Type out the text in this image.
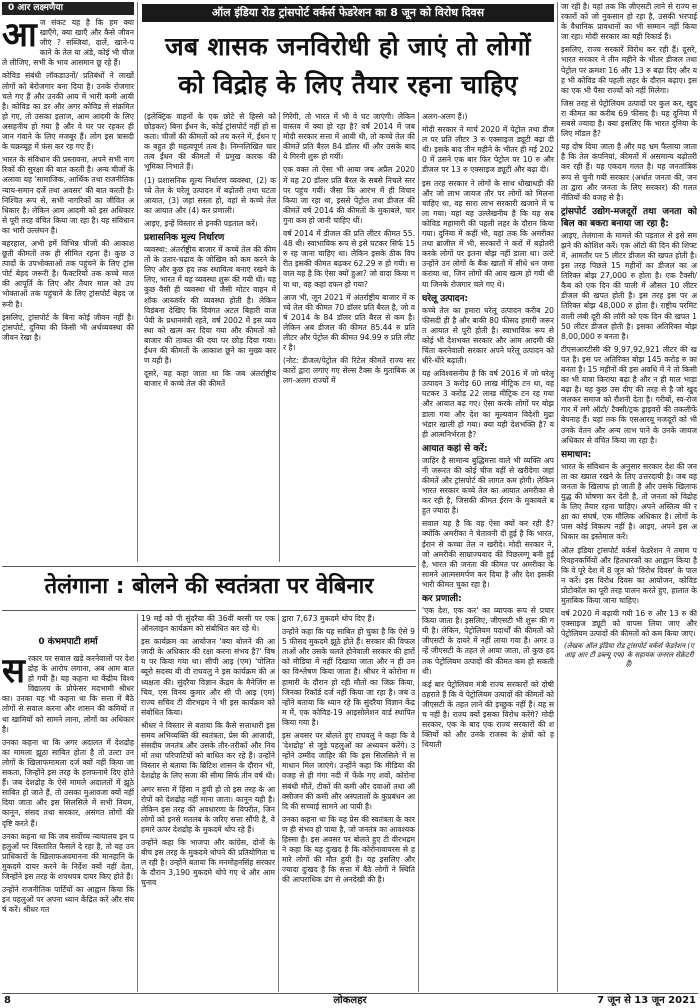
0 आर लक्ष्मणैया
आ ज संकट यह है कि हम क्या खाएँगे, क्या खाएँ और कैसे जीवन जीएं ? सब्जियां, दालें, खाने-पकाने के तेल या अंडे, कोई भी चीज ले लीजिए, सभी के भाव आसमान छू रहे हैं।

कोविड संबंधी लॉकडाउनों/ प्रतिबंधों ने लाखों लोगों को बेरोजगार बना दिया है। उनके रोजगार चले गए हैं और उनकी आय में भारी कमी आयी है। कोविड का डर और अगर कोविड से संक्रमित हो गए, तो उसका इलाज, आम आदमी के लिए असहनीय हो गया है और वे घर पर रहकर ही जान गंवाने के लिए मजबूर हैं। लोग इस त्रासदी के चक्रव्यूह में फंस कर रह गए हैं।

भारत के संविधान की प्रस्तावना, अपने सभी नागरिकों की सुरक्षा की बात करती है। अन्य चीजों के अलावा यह 'सामाजिक, आर्थिक तथा राजनीतिक न्याय-समान दर्जे तथा अवसर' की बात करती है। निश्चित रूप से, सभी नागरिकों का जीवित अधिकार है। लेकिन आम आदमी को इस अधिकार से पूरी तरह वंचित किया जा रहा है। यह संविधान का भारी उल्लंघन है।

बहरहाल, अभी हमें विभिन्न चीजों की आकाश छूती कीमतों तक ही सीमित रहना है। कुछ उत्पादों के उपभोक्ताओं तक पहुंचने के लिए ट्रांसपोर्ट बेहद जरूरी है। फैक्टरियों तक कच्चे माल की आपूर्ति के लिए और तैयार माल को उपभोक्ताओं तक पहुंचाने के लिए ट्रांसपोर्ट बेहद जरूरी है।

इसलिए, ट्रांसपोर्ट के बिना कोई जीवन नहीं है। ट्रांसपोर्ट, दुनिया की किसी भी अर्थव्यवस्था की जीवन रेखा है।

ऑल इंडिया रोड ट्रांसपोर्ट वर्कर्स फेडरेशन का 8 जून को विरोध दिवस
जब शासक जनविरोधी हो जाएं तो लोगों
को विद्रोह के लिए तैयार रहना चाहिए

(इलेक्ट्रिक वाहनों के एक छोटे से हिस्से को छोड़कर) बिना ईंधन के, कोई ट्रांसपोर्ट नहीं हो सकता। चीजों की कीमतों को तय करने में, ईंधन एक बहुत ही महत्वपूर्ण तत्व है। निम्नलिखित चार तत्व ईंधन की कीमतों में प्रमुख कारक की भूमिका निभाते हैं।

(1) प्रशासनिक मूल्य निर्धारण व्यवस्था, (2) कच्चे तेल के घरेलू उत्पादन में बढ़ोतरी तथा घटता आयात, (3) जहां सस्ता हो, वहां से कच्चे तेल का आयात और (4) कर प्रणाली।

आइए, इन्हें विस्तार से इनकी पड़ताल करें।

प्रशासनिक मूल्य निर्धारण

व्यवस्था: अंतर्राष्ट्रीय बाजार में कच्चे तेल की कीमतों के उतार-चढ़ाव के जोखिम को कम करने के लिए और कुछ हद तक स्थायित्व बनाए रखने के लिए, भारत में यह व्यवस्था शुरू की गयी थी। यह कुछ वैसी ही व्यवस्था थी जैसी मोटर वाहन में शॉक आब्जर्वर की व्यवस्था होती है। लेकिन विडंबना देखिए कि दिवंगत अटल बिहारी वाजपेयी के प्रधानमंत्री रहते, वर्ष 2002 में इस व्यवस्था को खत्म कर दिया गया और कीमतों को बाजार की ताकत की दया पर छोड़ दिया गया। ईंधन की कीमतों के आकाश छूने का मुख्य कारण यही है।

दूसरे, यह कहा जाता था कि जब अंतर्राष्ट्रीय बाजार में कच्चे तेल की कीमतें

गिरेंगी, तो भारत में भी वे घट जाएंगी। लेकिन वास्तव में क्या हो रहा है? वर्ष 2014 में जब मोदी सरकार सत्ता में आयी थी, तो कच्चे तेल की कीमतें प्रति बैरल 84 डॉलर थीं और उसके बाद ये गिरनी शुरू हो गयीं।

एक वक्त तो ऐसा भी आया जब अप्रैल 2020 में यह 20 डॉलर प्रति बैरल के सबसे निचले स्तर पर पहुंच गयीं। जैसा कि आरंभ में ही विचार किया जा रहा था, इससे पेट्रोल तथा डीजल की कीमतें वर्ष 2014 की कीमतों के मुकाबले, चार गुना कम हो जानी चाहिए थीं।

वर्ष 2014 में डीजल की प्रति लीटर कीमत 55.48 थी। स्वाभाविक रूप से इसे घटकर सिर्फ 15 रु रह जाना चाहिए था। लेकिन इसके ठीक विपरीत इसकी कीमत बढ़कर 62.29 रु हो गयी। सवाल यह है कि ऐसा क्यों हुआ? जो वादा किया गया था, वह कहां दफन हो गया?

आज भी, जून 2021 में अंतर्राष्ट्रीय बाजार में कच्चे तेल की कीमत 70 डॉलर प्रति बैरल है, जो वर्ष 2014 के 84 डॉलर प्रति बैरल से कम है। लेकिन अब डीजल की कीमत 85.44 रु प्रति लीटर और पेट्रोल की कीमत 94.99 रु प्रति लीटर है।

(नोट: डीजल/पेट्रोल की रिटेल कीमतें राज्य सरकारों द्वारा लगाए गए सेल्स टैक्स के मुताबिक अलग-अलग राज्यों में

अलग-अलग हैं।)

मोदी सरकार ने मार्च 2020 में पेट्रोल तथा डीजल पर प्रति लीटर 3 रु एक्साइज ड्यूटी बढ़ा दी थी। इसके बाद तीन महीने के भीतर ही मई 2020 में उसने एक बार फिर पेट्रोल पर 10 रु और डीजल पर 13 रु एक्साइज ड्यूटी और बढ़ा दी।

इस तरह सरकार ने लोगों के साथ धोखाधड़ी की और जो लाभ जायज तौर पर लोगों को मिलना चाहिए था, वह सारा लाभ सरकारी खजाने में चला गया। यहां यह उल्लेखनीय है कि यह सब कोविड महामारी की पहली लहर के दौरान किया गया। दुनिया में कहीं भी, यहां तक कि अमरीका तथा ब्राजील में भी, सरकारों ने करों में बढ़ोतरी करके लोगों पर इतना बोझ नहीं डाला था। उल्टे उन्होंने उन लोगों के बैंक खातों में सीधे धन जमा कराया था, जिन लोगों की आय खत्म हो गयी थी या जिनके रोजगार चले गए थे।

घरेलू उत्पादन:

कच्चे तेल का हमारा घरेलू उत्पादन करीब 20 फीसदी ही है और बाकी 80 फीसद हमारी जरूरत आयात से पूरी होती है। स्वाभाविक रूप से कोई भी देशभक्त सरकार और आम आदमी की चिंता करनेवाली सरकार अपने घरेलू उत्पादन को धीरे-धीरे बढ़ाती।

यह अविश्वसनीय है कि वर्ष 2016 में जो घरेलू उत्पादन 3 करोड़ 60 लाख मीट्रिक टन था, वह घटकर 3 करोड़ 22 लाख मीट्रिक टन रह गया और आयात बढ़ गए। ऐसा करके लोगों पर बोझ डाला गया और देश का मूल्यवान विदेशी मुद्रा भंडार खाली हो गया। क्या यही देशभक्ति है? यही आत्मनिर्भरता है?

आयात कहां से करें:

जाहिर है सामान्य बुद्धिमत्ता वाले भी व्यक्ति अपनी जरूरत की कोई चीज वहीं से खरीदेगा जहां कीमतें और ट्रांसपोर्ट की लागत कम होगी। लेकिन भारत सरकार कच्चे तेल का आयात अमरीका से कर रही है, जिसकी कीमत ईरान के मुकाबले बहुत ज्यादा है।

सवाल यह है कि वह ऐसा क्यों कर रही है? क्योंकि अमरीका ने चेतावनी दी हुई है कि भारत, ईरान से कच्चा तेल न खरीदे। मोदी सरकार ने, जो अमरीकी साम्राज्यवाद की पिछलग्गू बनी हुई है, भारत की जनता की कीमत पर अमरीका के सामने आत्मसमर्पण कर दिया है और देश इसकी भारी कीमत चुका रहा है।

कर प्रणाली:

'एक देश, एक कर' का व्यापक रूप से प्रचार किया जाता है। इसलिए, जीएसटी भी शुरू की गयी है। लेकिन, पेट्रोलियम पदार्थों की कीमतों को जीएसटी के दायरे में नहीं लाया गया है। अगर उन्हें जीएसटी के तहत ले आया जाता, तो कुछ हद तक पेट्रोलियम उत्पादों की कीमत कम हो सकती थी।

कई बार पेट्रोलियम मंत्री राज्य सरकारों को दोषी ठहराते हैं कि वे पेट्रोलियम उत्पादों की कीमतों को जीएसटी के तहत लाने की इच्छुक नहीं हैं। यह सच नहीं है। राज्य क्यों इसका विरोध करेंगे? मोदी सरकार, एक के बाद एक राज्य सरकारों की शक्तियों को और उनके राजस्व के क्षेत्रों को हथियाती

जा रही है। यहां तक कि जीएसटी लाने से राज्य सरकारों को जो नुकसान हो रहा है, उसकी भरपाई के वैधानिक प्रावधानों का भी सम्मान नहीं किया जा रहा। मोदी सरकार का यही रिकार्ड है।

इसलिए, राज्य सरकारें विरोध कर रही हैं। दूसरे, भारत सरकार ने तीन महीने के भीतर डीजल तथा पेट्रोल पर क्रमशः 16 और 13 रु बढ़ा दिए और यह भी कोविड की पहली लहर के दौरान बढ़ाए। इसका एक भी पैसा राज्यों को नहीं मिलेगा।

जिस तरह से पेट्रोलियम उत्पादों पर कुल कर, खुदरा कीमत का करीब 69 फीसद है। यह दुनिया में सबसे ज्यादा है। क्या इसलिए कि भारत दुनिया के लिए मॉडल है?

यह दोष दिया जाता है और यह भ्रम फैलाया जाता है कि तेल कंपनियां, कीमतों में असमान्य बढ़ोतरी कर रही हैं। यह एकदम गलत है। यह जनतांत्रिक रूप से चुनी गयी सरकार (अर्थात जनता की, जनता द्वारा और जनता के लिए सरकार) की गलत नीतियों की वजह से है।

ट्रांसपोर्ट उद्योग-मजदूरों तथा जनता को बिल का बकरा बनाया जा रहा है:

आइए, तेलंगाना के मामले की पड़ताल से इसे समझने की कोशिश करें। एक ऑटो की दिन की शिफ्ट में, आमतौर पर 5 लीटर डीजल की खपत होती है। इस तरह पिछले 15 महीनों का डीजल का अतिरिक्त बोझ 27,000 रु होता है। एक टैक्सी/कैब को एक दिन की पाली में औसत 10 लीटर डीजल की खपत होती है। इस तरह इस पर अतिरिक्त बोझ 48,000 रु होता है। राष्ट्रीय परमिटवाली लंबी दूरी की लॉरी को एक दिन की खपत 150 लीटर डीजल होती है। इसका अतिरिक्त बोझ 8,00,000 रु बनता है।

टीएसआरटीसी की 9,97,92,921 लीटर की खपत है। इस पर अतिरिक्त बोझ 145 करोड़ रु का बनता है। 15 महीनों की इस अवधि में ने तो किसी का भी यात्रा किराया बढ़ा है और न ही माल भाड़ा बढ़ा है। यह कुछ उस दीए की तरह से है जो खुद जलकर समाज को रौशनी देता है। गरीबों, स्व-रोजगार में लगे ऑटो/ टैक्सी/ट्रक ड्राइवरों की तकलीफें बेपनाह हैं। यहां तक कि एसआरयू मजदूरों को भी उनके वेतन और अन्य लाभ पाने के उनके जायज अधिकार से वंचित किया जा रहा है।

समाधान:

भारत के संविधान के अनुसार सरकार देश की जनता का ख्याल रखने के लिए उत्तरदायी है। जब वह जनता के खिलाफ हो जाती है और उसके खिलाफ युद्ध की घोषणा कर देती है, तो जनता को विद्रोह के लिए तैयार रहना चाहिए। अपने अस्तित्व की रक्षा का संघर्ष, एक मौलिक अधिकार है। लोगों के पास कोई विकल्प नहीं है। आइए, अपने इस अधिकार का इस्तेमाल करें।

ऑल इंडिया ट्रांसपोर्ट वर्कर्स फेडरेशन ने तमाम परिवहनकर्मियों और हितधारकों का आह्वान किया है कि वे पूरे देश में 8 जून को 'विरोध दिवस' के पालन करें। इस विरोध दिवस का आयोजन, कोविड प्रोटोकॉल का पूरी तरह पालन करते हुए, हालात के मुताबिक किया जाना चाहिए।

वर्ष 2020 में बढ़ायी गयी 16 रु और 13 रु की एक्साइज ड्यूटी को वापस लिया जाए और पेट्रोलियम उत्पादों की कीमतों को कम किया जाए।

(लेखक ऑल इंडिया रोड ट्रांसपोर्ट वर्कर्स फेडरेशन (ए आइ आर टी डब्ल्यू एफ) के सहायक जनरल सेक्रेटरी हैं)
तेलंगाना : बोलने की स्वतंत्रता पर वेबिनार
0 कंभमपाटी शर्मा
स रकार पर सवाल खड़े करनेवालों पर देशद्रोह के आरोप लगाना, अब आम बात हो गयी है। यह कहना था केंद्रीय विश्वविद्यालय के प्रोफेसर मदभामी श्रीधर का। उनका यह भी कहना था कि सत्ता में बैठे लोगों से सवाल करना और शासन की कमियों तथा खामियों को सामने लाना, लोगों का अधिकार है।

उनका कहना था कि अगर अदालत में देशद्रोह का मामला झूठा साबित होता है तो उल्टा उन लोगों के खिलाफमामला दर्ज क्यों नहीं किया जा सकता, जिन्होंने इस तरह के हलफनामे दिए होते हैं। जब देशद्रोह के ऐसे मामले अदालतों में झूठे साबित हो जाते हैं, तो उसका मुआवजा क्यों नहीं दिया जाता और इस सिलसिले में सभी नियम, कानून, संसद तथा सरकार, असंगत लोगों की दृष्टि करते हैं।

उनका कहना था कि जब सर्वोच्च न्यायालय इन पहलुओं पर विस्तारित फैसले दे रहा है, तो यह उन प्राधिकारों के खिलाफअवमानना की मानहानि के मुकदमे दायर करने के निर्देश क्यों नहीं देता, जिन्होंने इस तरह के शपथपत्र दायर किए होते हैं।

उन्होंने राजनीतिक पार्टियों का आह्वान किया कि इन पहलुओं पर अपना ध्यान केंद्रित करें और संघर्ष करें। श्रीधर गत

19 मई को पी सुंदरैया की 36वीं बरसी पर एक ऑनलाइन कार्यक्रम को संबोधित कर रहे थे।

इस कार्यक्रम का आयोजन 'क्या बोलने की आजादी के अधिकार की रक्षा करना संभव है?' विषय पर किया गया था। सीपी आइ (एम) 'पोलित ब्यूरो सदस्य बी वी राघवलु ने इस कार्यक्रम की अध्यक्षता की। सुंदरैया विज्ञान केंद्रम के मैनेजिंग सचिव, एस विनय कुमार और सी पी आइ (एम) राज्य सचिव टी वीरभद्रम ने भी इस कार्यक्रम को संबोधित किया।

श्रीधर ने विस्तार से बताया कि कैसे सत्ताधारी इस समय अभिव्यक्ति की स्वतंत्रता, प्रेस की आजादी, संसदीय जनतंत्र और उसके तौर-तरीकों और नियमों तथा परिपाटियों को बाधित कर रहे हैं। उन्होंने विस्तार से बताया कि ब्रिटिश शासन के दौरान भी, देशद्रोह के लिए सजा की सीमा सिर्फ तीन वर्ष थी।

अगर सत्ता में हिंसा न हुयी हो तो इस तरह के आरोपों को देशद्रोह नहीं माना जाता। कानून यही है। लेकिन इस तरह की अवधारणा के विपरीत, जिन लोगों को इनसे मतलब के जरिए सत्ता सौंपी है, वे हमारे ऊपर देशद्रोह के मुकदमे थोप रहे हैं।

उन्होंने कहा कि भाजपा और कांग्रेस, दोनों के बीच इस तरह के मुकदमे थोपने की प्रतियोगिता चल रही है। उन्होंने बताया कि मनमोहनसिंह सरकार के दौरान 3,190 मुकदमे थोपे गए थे और आम चुनाव

द्वारा 7,673 मुकदमे थोप दिए हैं।

उन्होंने कहा कि यह साबित हो चुका है कि ऐसे 95 फीसद मुकदमे झूठे होते हैं। सरकार की विफलताओं और उसके चलते होनेवाली सरकार की हारों को मीडिया में नहीं दिखाया जाता और न ही उनका विश्लेषण किया जाता है। श्रीधर ने कोरोना महामारी के दौरान हो रही मौतों का जिक्र किया, जिनका रिकॉर्ड दर्ज नहीं किया जा रहा है। जब उन्होंने बताया कि ध्यान रहे कि सुंदरैया विज्ञान केंद्रम में, एक कोविड-19 आइसोलेशन वार्ड स्थापित किया गया है।

इस अवसर पर बोलते हुए राघवलु ने कहा कि वे 'देशद्रोह' से जुड़े पहलुओं का अध्ययन करेंगे। उन्होंने उम्मीद जाहिर की कि इस सिलसिले में समाधान मिल जाएंगे। उन्होंने कहा कि मीडिया की वजह से ही गंगा नदी में फेंके गए शवों, कोरोना संबंधी मौतें, टीकों की कमी और दवाओं तथा ऑक्सीजन की कमी और अस्पतालों के कुप्रबंधन आदि की सच्चाई सामने आ पायी है।

उनका कहना था कि यह प्रेस की स्वतंत्रता के कारण ही संभव हो पाया है, जो जनतंत्र का आवश्यक हिस्सा है। इस अवसर पर बोलते हुए टी वीरभद्रम ने कहा कि यह दुःखद है कि कोरोनावायरस से हमारे लोगों की मौत हुयी है। यह इसलिए और ज्यादा दुःखद है कि सत्ता में बैठे लोगों ने स्थिति की आपराधिक ढंग से अनदेखी की है।

8	लोकलहर	7 जून से 13 जून 2021
